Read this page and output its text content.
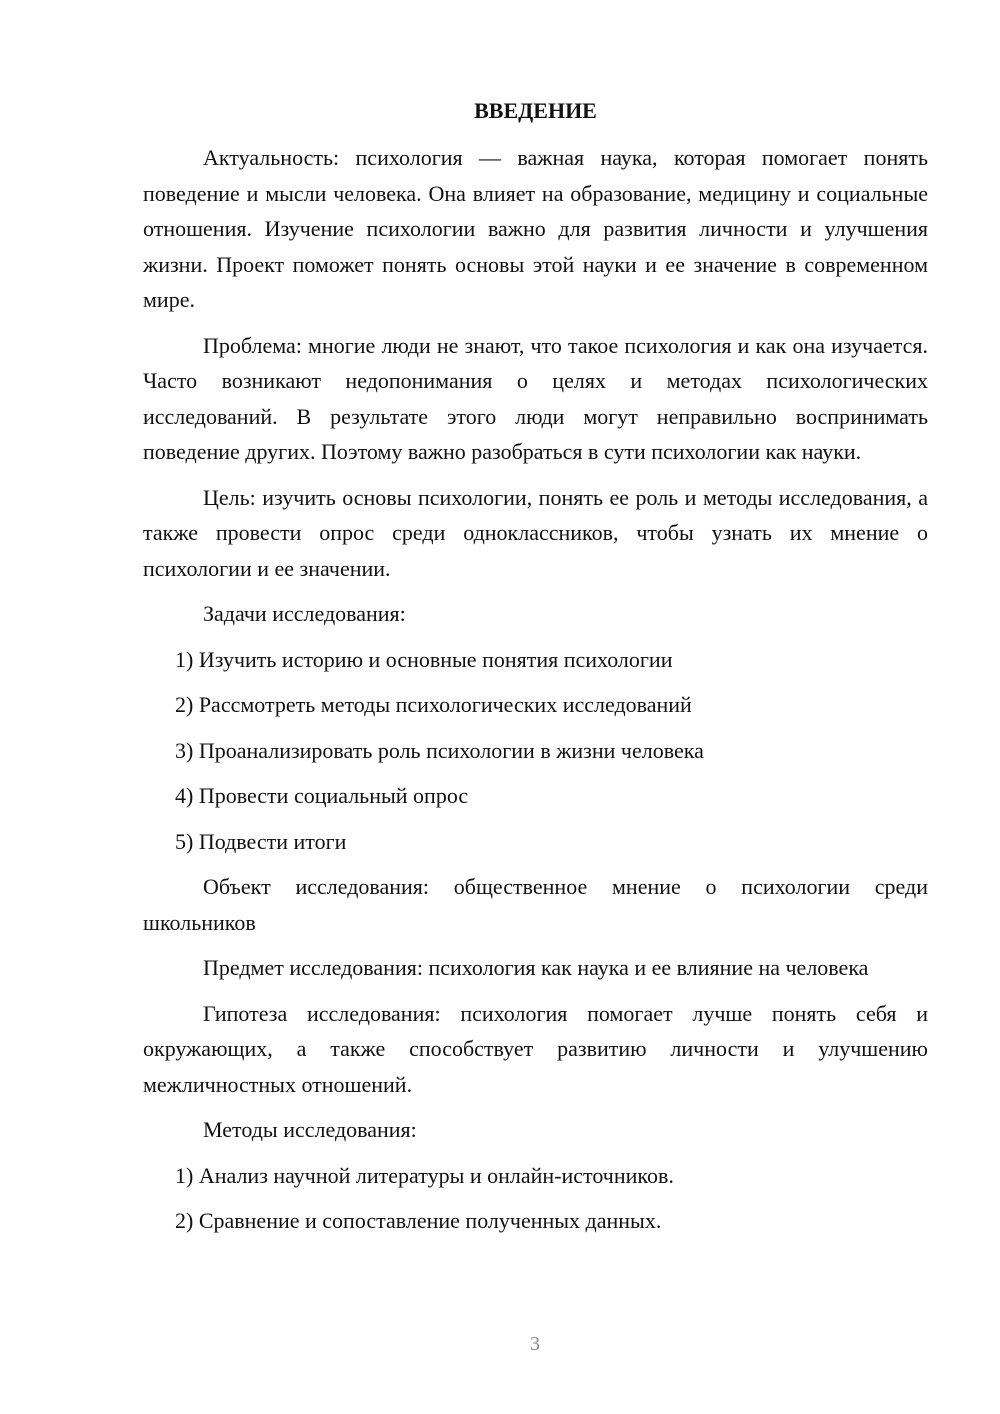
ВВЕДЕНИЕ

Актуальность: психология — важная наука, которая помогает понять поведение и мысли человека. Она влияет на образование, медицину и социальные отношения. Изучение психологии важно для развития личности и улучшения жизни. Проект поможет понять основы этой науки и ее значение в современном мире.

Проблема: многие люди не знают, что такое психология и как она изучается. Часто возникают недопонимания о целях и методах психологических исследований. В результате этого люди могут неправильно воспринимать поведение других. Поэтому важно разобраться в сути психологии как науки.

Цель: изучить основы психологии, понять ее роль и методы исследования, а также провести опрос среди одноклассников, чтобы узнать их мнение о психологии и ее значении.

Задачи исследования:

1) Изучить историю и основные понятия психологии
2) Рассмотреть методы психологических исследований
3) Проанализировать роль психологии в жизни человека
4) Провести социальный опрос
5) Подвести итоги

Объект исследования: общественное мнение о психологии среди школьников

Предмет исследования: психология как наука и ее влияние на человека

Гипотеза исследования: психология помогает лучше понять себя и окружающих, а также способствует развитию личности и улучшению межличностных отношений.

Методы исследования:

1) Анализ научной литературы и онлайн-источников.
2) Сравнение и сопоставление полученных данных.
3
